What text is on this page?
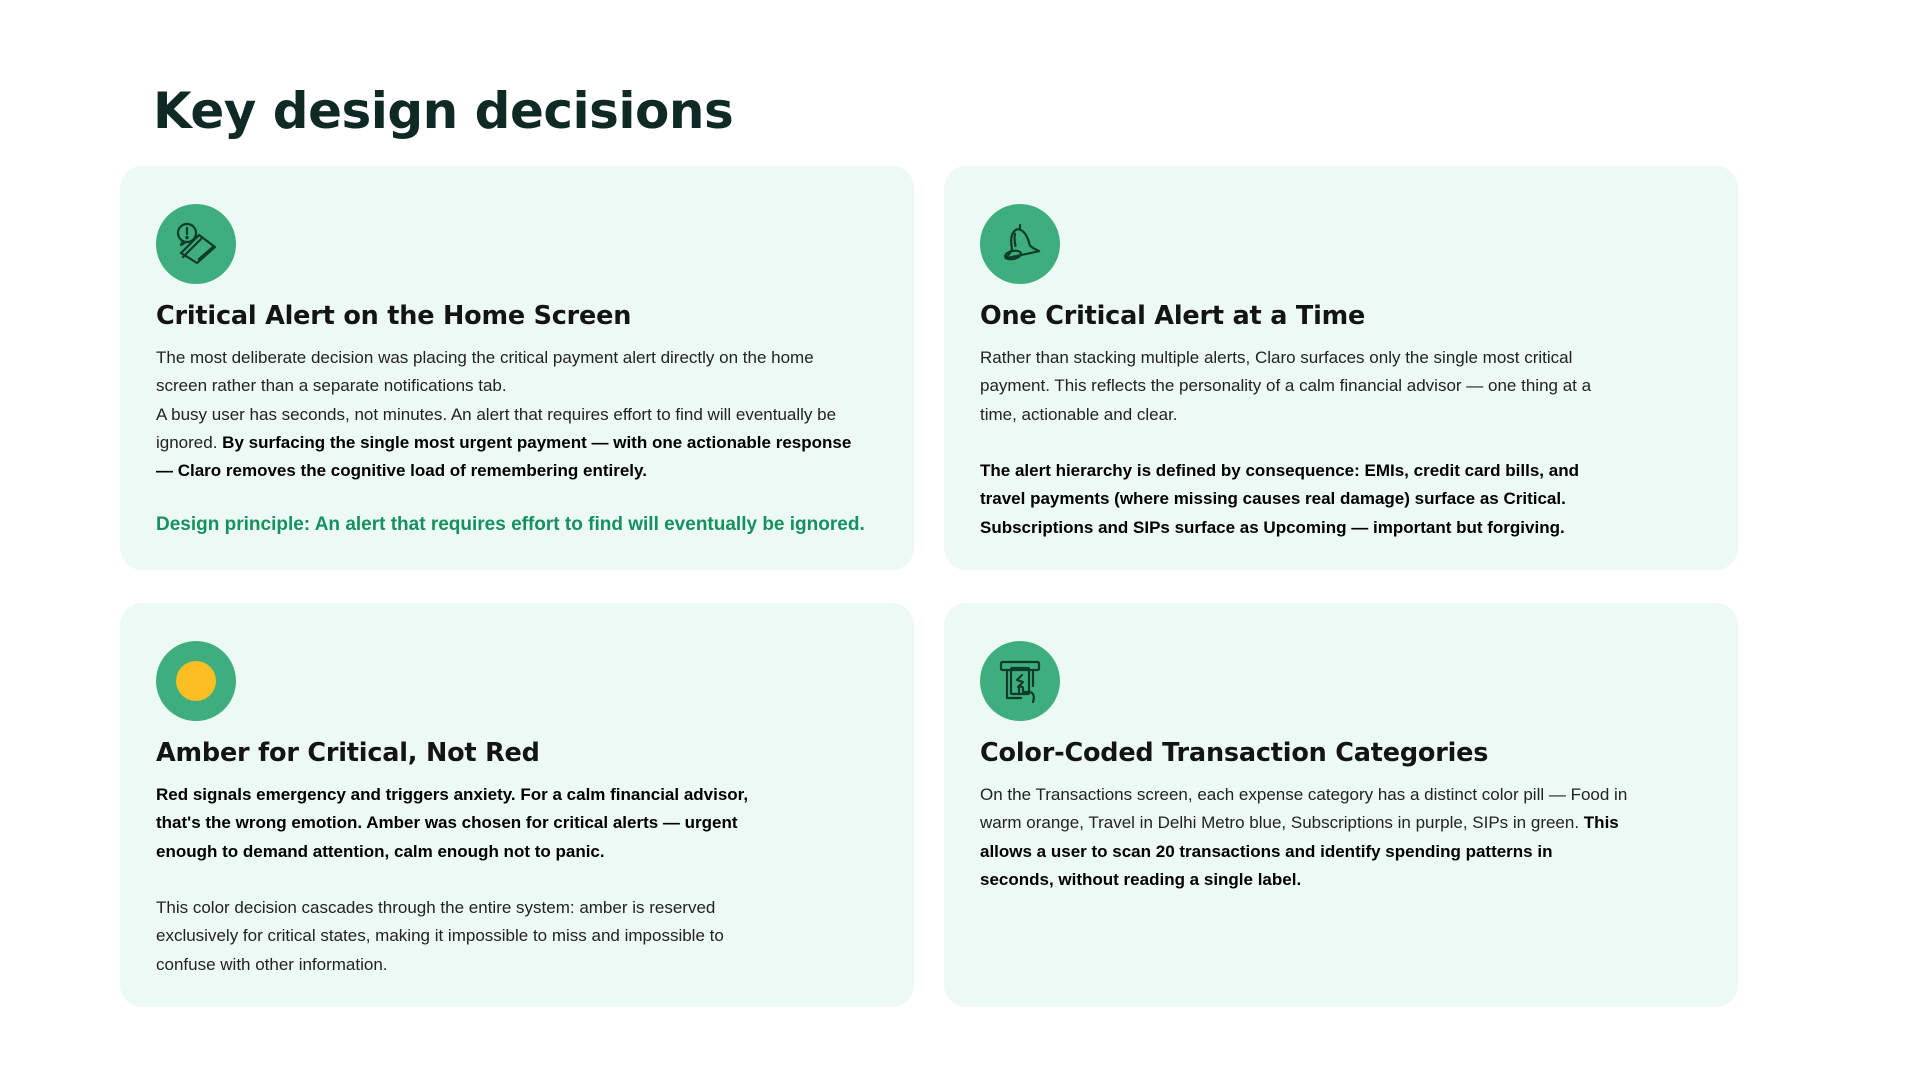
Key design decisions
Critical Alert on the Home Screen

The most deliberate decision was placing the critical payment alert directly on the home screen rather than a separate notifications tab.

A busy user has seconds, not minutes. An alert that requires effort to find will eventually be ignored. By surfacing the single most urgent payment — with one actionable response — Claro removes the cognitive load of remembering entirely.

Design principle: An alert that requires effort to find will eventually be ignored.
One Critical Alert at a Time

Rather than stacking multiple alerts, Claro surfaces only the single most critical payment. This reflects the personality of a calm financial advisor — one thing at a time, actionable and clear.

The alert hierarchy is defined by consequence: EMIs, credit card bills, and travel payments (where missing causes real damage) surface as Critical. Subscriptions and SIPs surface as Upcoming — important but forgiving.

Amber for Critical, Not Red

Red signals emergency and triggers anxiety. For a calm financial advisor, that's the wrong emotion. Amber was chosen for critical alerts — urgent enough to demand attention, calm enough not to panic.

This color decision cascades through the entire system: amber is reserved exclusively for critical states, making it impossible to miss and impossible to confuse with other information.

Color-Coded Transaction Categories

On the Transactions screen, each expense category has a distinct color pill — Food in warm orange, Travel in Delhi Metro blue, Subscriptions in purple, SIPs in green. This allows a user to scan 20 transactions and identify spending patterns in seconds, without reading a single label.
